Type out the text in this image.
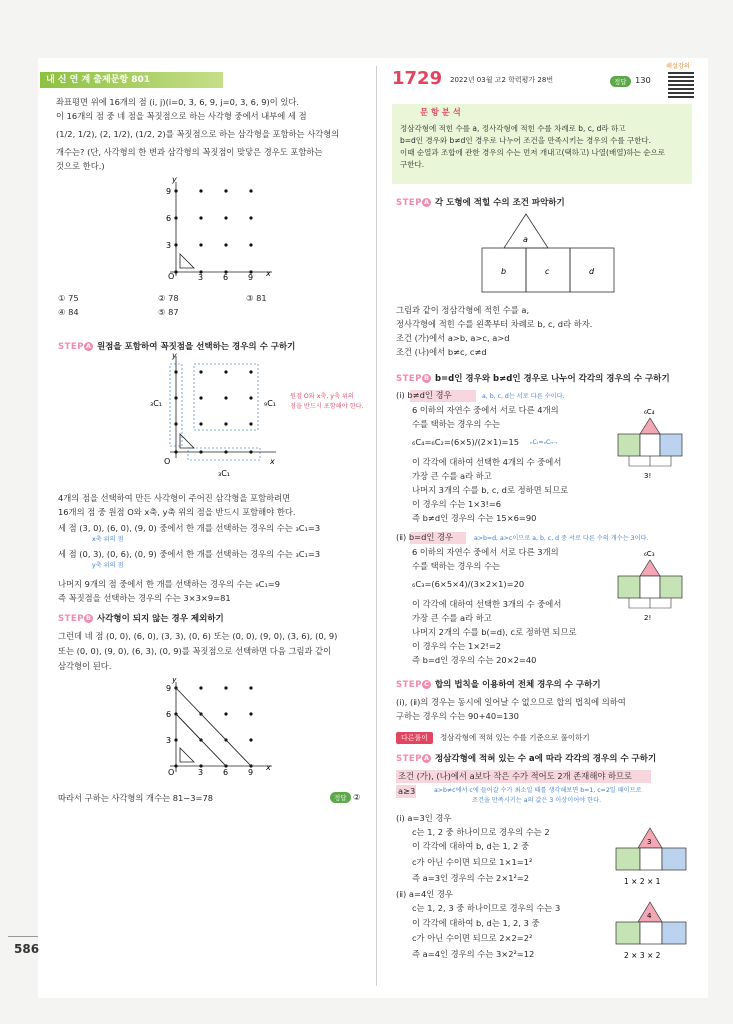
내 신 연 계 출제문항 801
좌표평면 위에 16개의 점 (i, j)(i=0, 3, 6, 9, j=0, 3, 6, 9)이 있다.
이 16개의 점 중 네 점을 꼭짓점으로 하는 사각형 중에서 내부에 세 점
(1/2, 1/2), (2, 1/2), (1/2, 2)를 꼭짓점으로 하는 삼각형을 포함하는 사각형의
개수는? (단, 사각형의 한 변과 삼각형의 꼭짓점이 맞닿은 경우도 포함하는
것으로 한다.)
O	3 6 9 x
3
6
9
y
① 75	② 78	③ 81
④ 84	⑤ 87
STEP A 원점을 포함하여 꼭짓점을 선택하는 경우의 수 구하기
₃C₁	₉C₁
₃C₁
O	x
y
원점 O와 x축, y축 위의
점을 반드시 포함해야 한다.
4개의 점을 선택하여 만든 사각형이 주어진 삼각형을 포함하려면
16개의 점 중 원점 O와 x축, y축 위의 점을 반드시 포함해야 한다.
세 점 (3, 0), (6, 0), (9, 0) 중에서 한 개를 선택하는 경우의 수는 ₃C₁=3
x축 위의 점
세 점 (0, 3), (0, 6), (0, 9) 중에서 한 개를 선택하는 경우의 수는 ₃C₁=3
y축 위의 점
나머지 9개의 점 중에서 한 개를 선택하는 경우의 수는 ₉C₁=9
즉 꼭짓점을 선택하는 경우의 수는 3×3×9=81
STEP B 사각형이 되지 않는 경우 제외하기
그런데 네 점 (0, 0), (6, 0), (3, 3), (0, 6) 또는 (0, 0), (9, 0), (3, 6), (0, 9)
또는 (0, 0), (9, 0), (6, 3), (0, 9)를 꼭짓점으로 선택하면 다음 그림과 같이
삼각형이 된다.
O	3 6 9
x
3
6
9
y
따라서 구하는 사각형의 개수는 81−3=78	정답 ②
586
1729 2022년 03월 고2 학력평가 28번	정답	130
해설강의
문 항 분 석
정삼각형에 적힌 수를 a, 정사각형에 적힌 수를 차례로 b, c, d라 하고
b=d인 경우와 b≠d인 경우로 나누어 조건을 만족시키는 경우의 수를 구한다.
이때 순열과 조합에 관한 경우의 수는 먼저 개내고(택하고) 나열(배열)하는 순으로
구한다.
STEP A 각 도형에 적힐 수의 조건 파악하기
a
b	c	d
그림과 같이 정삼각형에 적힌 수를 a,
정사각형에 적힌 수를 왼쪽부터 차례로 b, c, d라 하자.
조건 (가)에서 a>b, a>c, a>d
조건 (나)에서 b≠c, c≠d
STEP B b=d인 경우와 b≠d인 경우로 나누어 각각의 경우의 수 구하기
(ⅰ) b≠d인 경우	a, b, c, d는 서로 다른 수이다.
6 이하의 자연수 중에서 서로 다른 4개의
수를 택하는 경우의 수는
₆C₄=₆C₂=(6×5)/(2×1)=15 ₙCᵣ=ₙCₙ₋ᵣ
이 각각에 대하여 선택한 4개의 수 중에서
가장 큰 수를 a라 하고
나머지 3개의 수를 b, c, d로 정하면 되므로
이 경우의 수는 1×3!=6
즉 b≠d인 경우의 수는 15×6=90
₆C₄
3!
(ⅱ) b=d인 경우	a>b=d, a>c이므로 a, b, c, d 중 서로 다른 수의 개수는 3이다.
6 이하의 자연수 중에서 서로 다른 3개의
수를 택하는 경우의 수는
₆C₃=(6×5×4)/(3×2×1)=20
이 각각에 대하여 선택한 3개의 수 중에서
가장 큰 수를 a라 하고
나머지 2개의 수를 b(=d), c로 정하면 되므로
이 경우의 수는 1×2!=2
즉 b=d인 경우의 수는 20×2=40
₆C₃
2!
STEP C 합의 법칙을 이용하여 전체 경우의 수 구하기
(ⅰ), (ⅱ)의 경우는 동시에 일어날 수 없으므로 합의 법칙에 의하여
구하는 경우의 수는 90+40=130
다른풀이	정삼각형에 적혀 있는 수를 기준으로 풀이하기
STEP A 정삼각형에 적혀 있는 수 a에 따라 각각의 경우의 수 구하기
조건 (가), (나)에서 a보다 작은 수가 적어도 2개 존재해야 하므로
a≥3	a>b≠c에서 c에 들어갈 수가 최소일 때를 생각해보면 b=1, c=2일 때이므로
조건을 만족시키는 a의 값은 3 이상이어야 한다.
(ⅰ) a=3인 경우
c는 1, 2 중 하나이므로 경우의 수는 2
이 각각에 대하여 b, d는 1, 2 중
c가 아닌 수이면 되므로 1×1=1²
즉 a=3인 경우의 수는 2×1²=2
3
1 × 2 × 1
(ⅱ) a=4인 경우
c는 1, 2, 3 중 하나이므로 경우의 수는 3
이 각각에 대하여 b, d는 1, 2, 3 중
c가 아닌 수이면 되므로 2×2=2²
즉 a=4인 경우의 수는 3×2²=12
4
2 × 3 × 2
